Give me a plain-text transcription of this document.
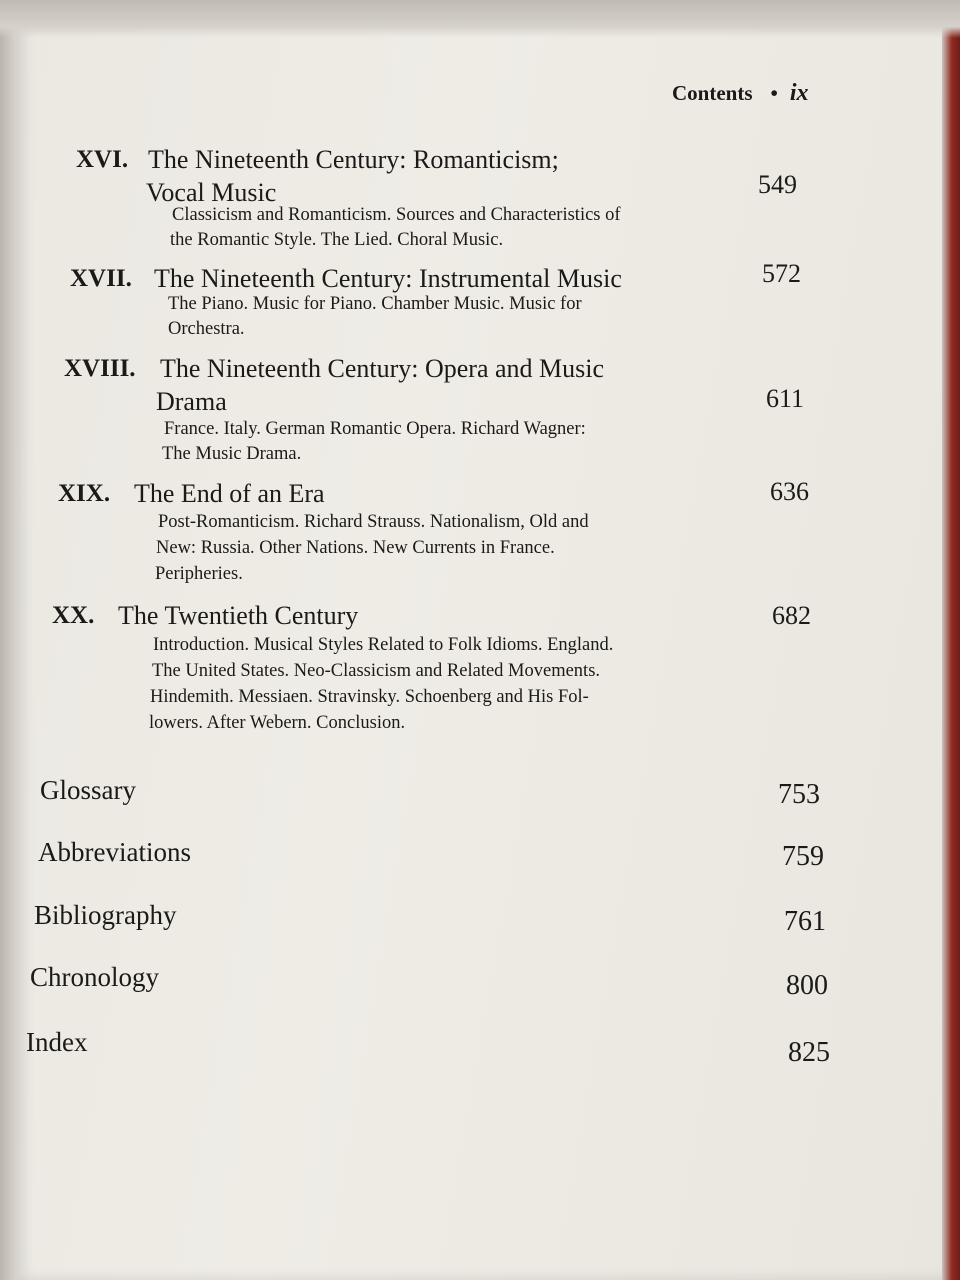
Contents • ix
XVI. The Nineteenth Century: Romanticism;
Vocal Music	549
Classicism and Romanticism. Sources and Characteristics of
the Romantic Style. The Lied. Choral Music.
XVII. The Nineteenth Century: Instrumental Music	572
The Piano. Music for Piano. Chamber Music. Music for
Orchestra.
XVIII. The Nineteenth Century: Opera and Music
Drama	611
France. Italy. German Romantic Opera. Richard Wagner:
The Music Drama.
XIX. The End of an Era	636
Post-Romanticism. Richard Strauss. Nationalism, Old and
New: Russia. Other Nations. New Currents in France.
Peripheries.
XX. The Twentieth Century	682
Introduction. Musical Styles Related to Folk Idioms. England.
The United States. Neo-Classicism and Related Movements.
Hindemith. Messiaen. Stravinsky. Schoenberg and His Fol-
lowers. After Webern. Conclusion.
Glossary	753
Abbreviations	759
Bibliography	761
Chronology	800
Index	825
